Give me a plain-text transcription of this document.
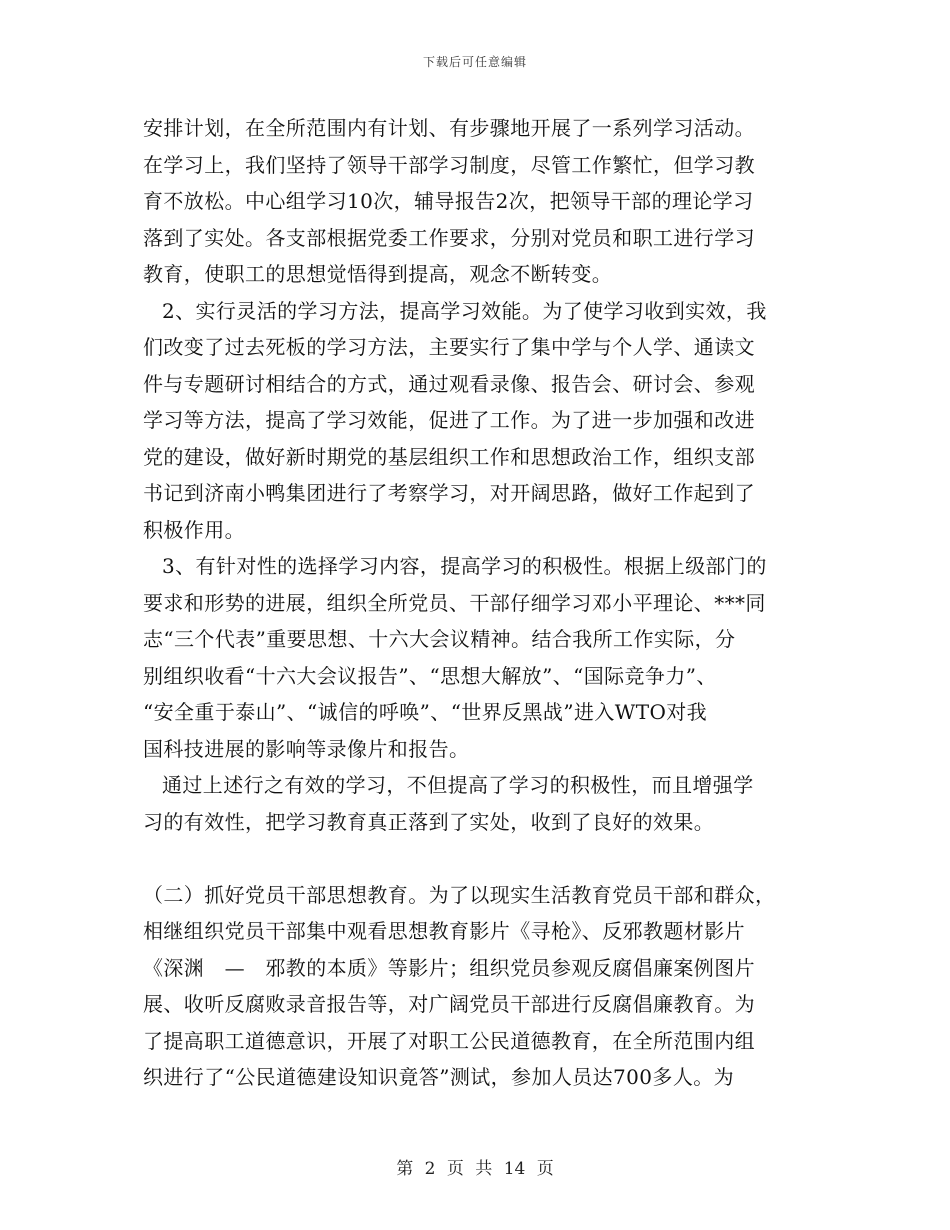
下载后可任意编辑
安排计划，在全所范围内有计划、有步骤地开展了一系列学习活动。
在学习上，我们坚持了领导干部学习制度，尽管工作繁忙，但学习教
育不放松。中心组学习10次，辅导报告2次，把领导干部的理论学习
落到了实处。各支部根据党委工作要求，分别对党员和职工进行学习
教育，使职工的思想觉悟得到提高，观念不断转变。
2、实行灵活的学习方法，提高学习效能。为了使学习收到实效，我
们改变了过去死板的学习方法，主要实行了集中学与个人学、通读文
件与专题研讨相结合的方式，通过观看录像、报告会、研讨会、参观
学习等方法，提高了学习效能，促进了工作。为了进一步加强和改进
党的建设，做好新时期党的基层组织工作和思想政治工作，组织支部
书记到济南小鸭集团进行了考察学习，对开阔思路，做好工作起到了
积极作用。
3、有针对性的选择学习内容，提高学习的积极性。根据上级部门的
要求和形势的进展，组织全所党员、干部仔细学习邓小平理论、***同
志“三个代表”重要思想、十六大会议精神。结合我所工作实际，分
别组织收看“十六大会议报告”、“思想大解放”、“国际竞争力”、
“安全重于泰山”、“诚信的呼唤”、“世界反黑战”进入WTO对我
国科技进展的影响等录像片和报告。
通过上述行之有效的学习，不但提高了学习的积极性，而且增强学
习的有效性，把学习教育真正落到了实处，收到了良好的效果。
（二）抓好党员干部思想教育。为了以现实生活教育党员干部和群众，
相继组织党员干部集中观看思想教育影片《寻枪》、反邪教题材影片
《深渊　—　邪教的本质》等影片；组织党员参观反腐倡廉案例图片
展、收听反腐败录音报告等，对广阔党员干部进行反腐倡廉教育。为
了提高职工道德意识，开展了对职工公民道德教育，在全所范围内组
织进行了“公民道德建设知识竟答”测试，参加人员达700多人。为
第 2 页 共 14 页
